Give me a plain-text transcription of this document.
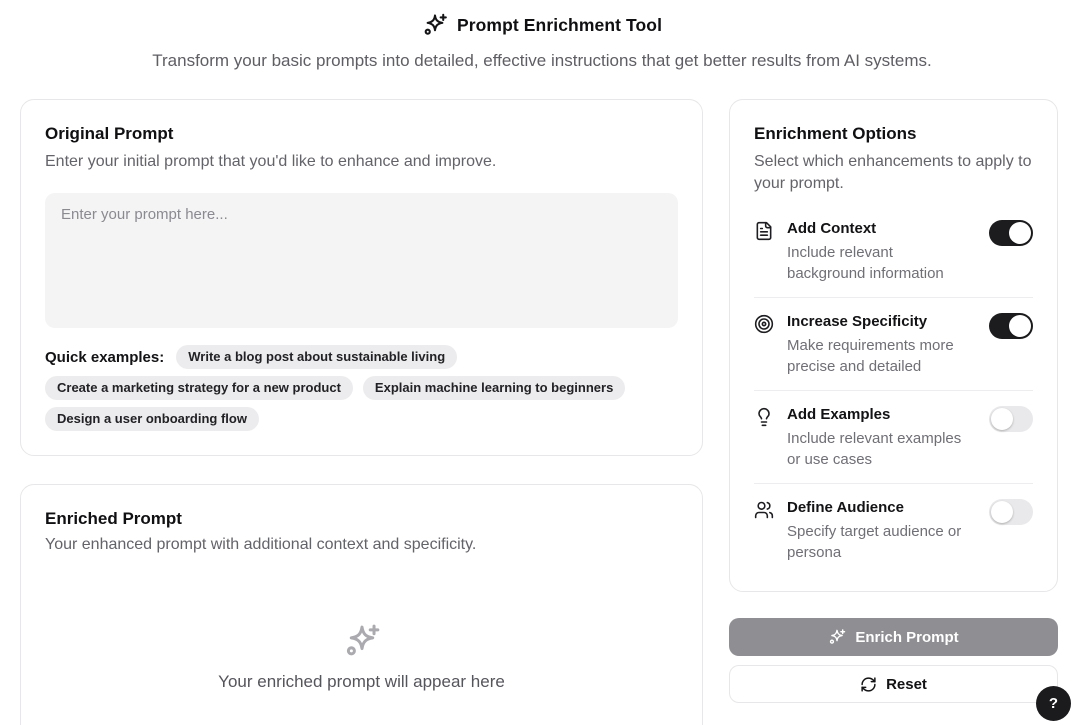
Prompt Enrichment Tool
Transform your basic prompts into detailed, effective instructions that get better results from AI systems.
Original Prompt
Enter your initial prompt that you'd like to enhance and improve.
Enter your prompt here...
Quick examples:	Write a blog post about sustainable living
Create a marketing strategy for a new product	Explain machine learning to beginners
Design a user onboarding flow
Enriched Prompt
Your enhanced prompt with additional context and specificity.
Your enriched prompt will appear here
Enrichment Options
Select which enhancements to apply to your prompt.
Add Context
Include relevant background information
Increase Specificity
Make requirements more precise and detailed
Add Examples
Include relevant examples or use cases
Define Audience
Specify target audience or persona
Enrich Prompt
Reset
?
